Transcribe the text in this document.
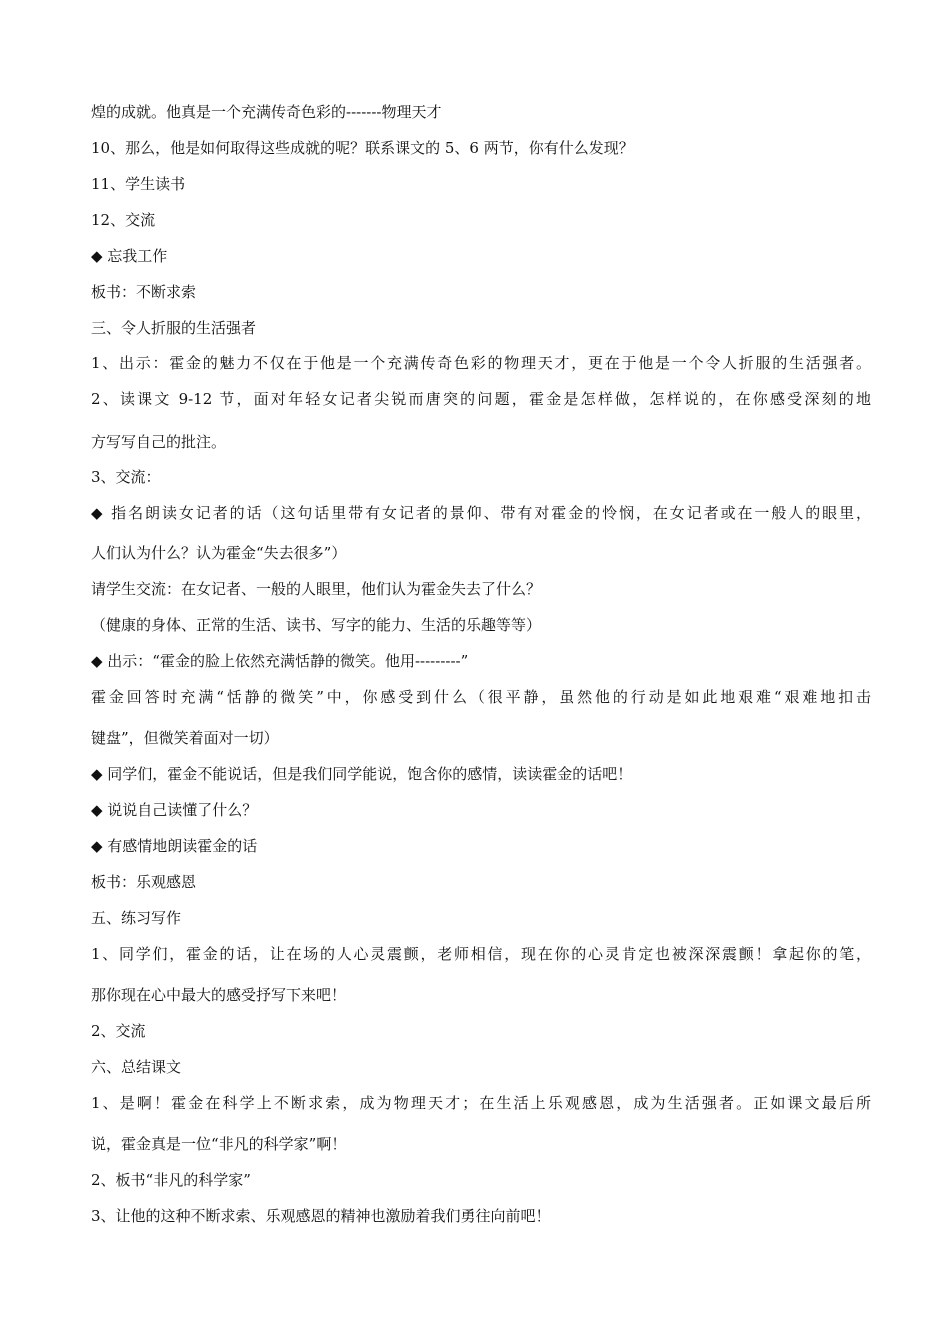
煌的成就。他真是一个充满传奇色彩的-------物理天才
10、那么，他是如何取得这些成就的呢？联系课文的 5、6 两节，你有什么发现？
11、学生读书
12、交流
◆ 忘我工作
板书：不断求索
三、令人折服的生活强者
1、出示：霍金的魅力不仅在于他是一个充满传奇色彩的物理天才，更在于他是一个令人折服的生活强者。
2、读课文 9-12 节，面对年轻女记者尖锐而唐突的问题，霍金是怎样做，怎样说的，在你感受深刻的地
方写写自己的批注。
3、交流：
◆ 指名朗读女记者的话（这句话里带有女记者的景仰、带有对霍金的怜悯，在女记者或在一般人的眼里，
人们认为什么？认为霍金“失去很多”）
请学生交流：在女记者、一般的人眼里，他们认为霍金失去了什么？
（健康的身体、正常的生活、读书、写字的能力、生活的乐趣等等）
◆ 出示：“霍金的脸上依然充满恬静的微笑。他用---------”
霍金回答时充满“恬静的微笑”中，你感受到什么（很平静，虽然他的行动是如此地艰难“艰难地扣击
键盘”，但微笑着面对一切）
◆ 同学们，霍金不能说话，但是我们同学能说，饱含你的感情，读读霍金的话吧！
◆ 说说自己读懂了什么？
◆ 有感情地朗读霍金的话
板书：乐观感恩
五、练习写作
1、同学们，霍金的话，让在场的人心灵震颤，老师相信，现在你的心灵肯定也被深深震颤！拿起你的笔，
那你现在心中最大的感受抒写下来吧！
2、交流
六、总结课文
1、是啊！霍金在科学上不断求索，成为物理天才；在生活上乐观感恩，成为生活强者。正如课文最后所
说，霍金真是一位“非凡的科学家”啊！
2、板书“非凡的科学家”
3、让他的这种不断求索、乐观感恩的精神也激励着我们勇往向前吧！
